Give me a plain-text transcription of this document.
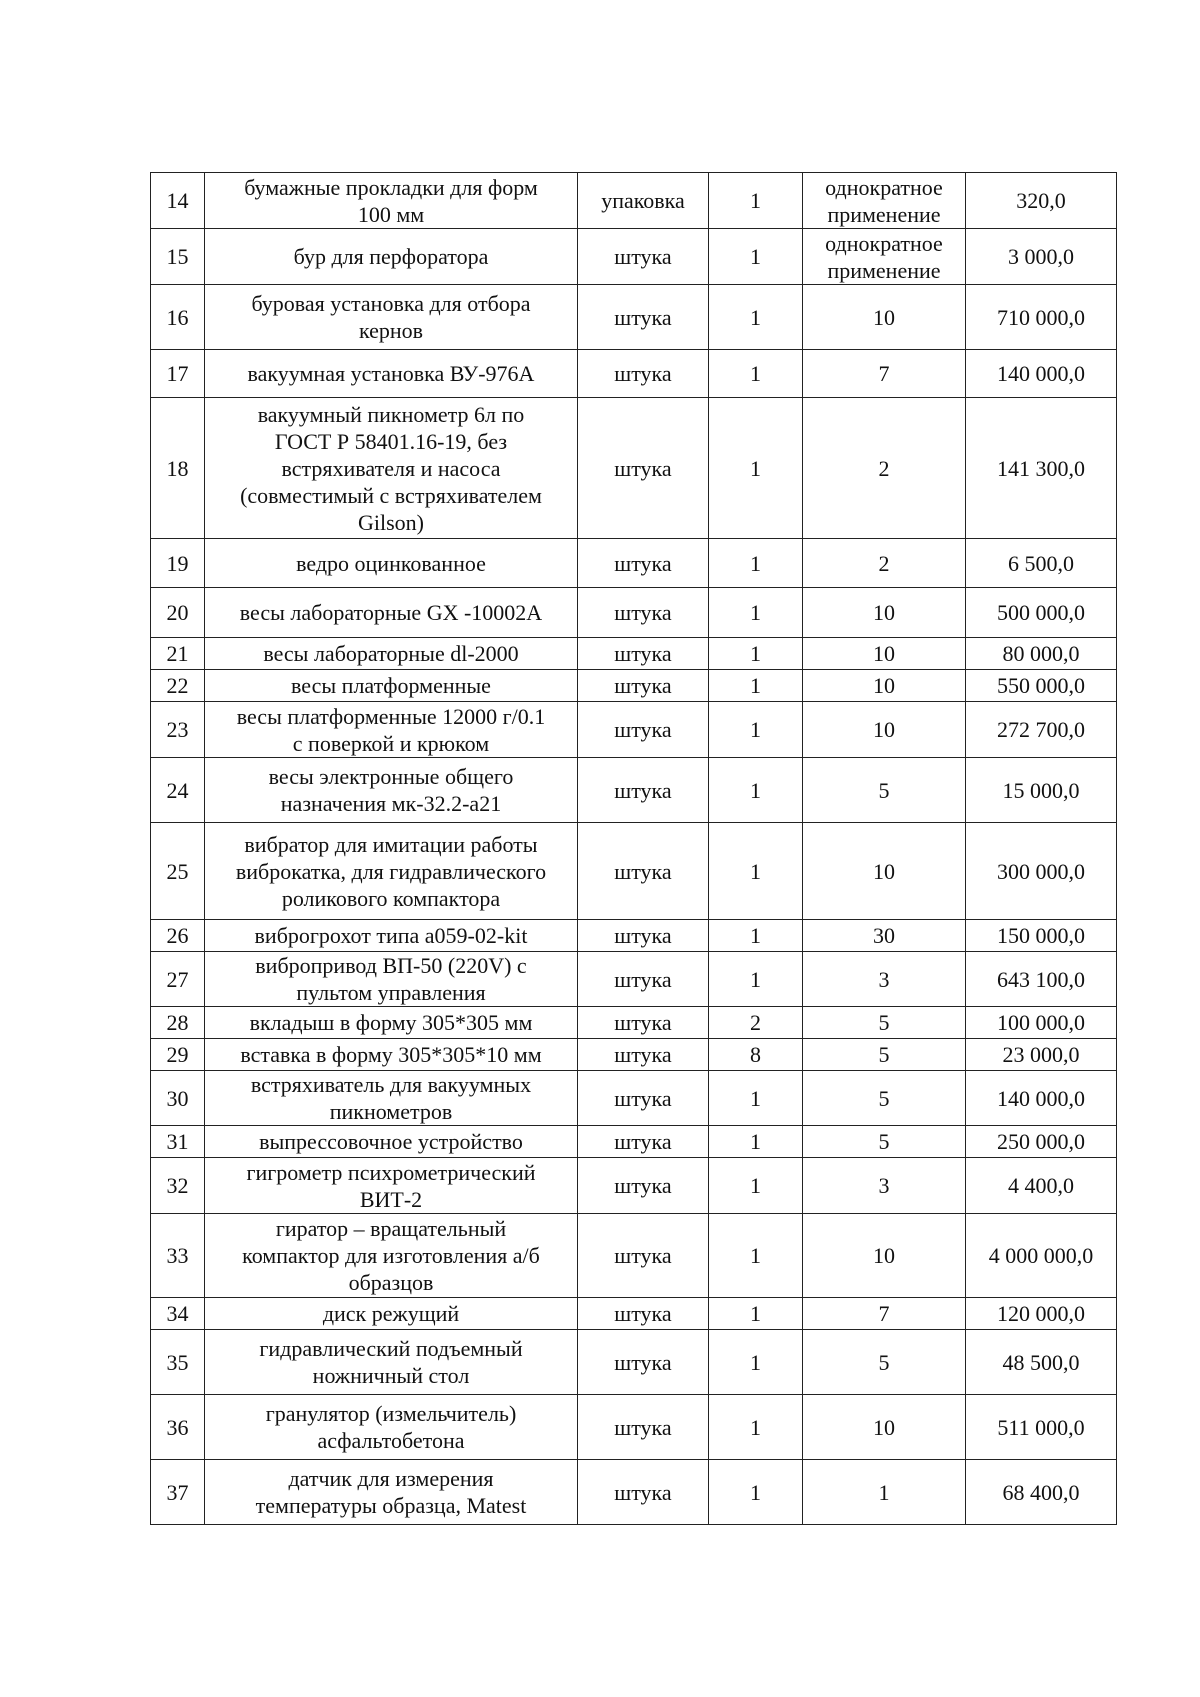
14	бумажные прокладки для форм
100 мм	упаковка	1	однократное
применение	320,0
15	бур для перфоратора	штука	1	однократное
применение	3 000,0
16	буровая установка для отбора
кернов	штука	1	10	710 000,0
17	вакуумная установка ВУ-976А	штука	1	7	140 000,0
18	вакуумный пикнометр 6л по
ГОСТ Р 58401.16-19, без
встряхивателя и насоса
(совместимый с встряхивателем
Gilson)	штука	1	2	141 300,0
19	ведро оцинкованное	штука	1	2	6 500,0
20	весы лабораторные GX -10002A	штука	1	10	500 000,0
21	весы лабораторные dl-2000	штука	1	10	80 000,0
22	весы платформенные	штука	1	10	550 000,0
23	весы платформенные 12000 г/0.1
с поверкой и крюком	штука	1	10	272 700,0
24	весы электронные общего
назначения мк-32.2-а21	штука	1	5	15 000,0
25	вибратор для имитации работы
виброкатка, для гидравлического
роликового компактора	штука	1	10	300 000,0
26	виброгрохот типа а059-02-kit	штука	1	30	150 000,0
27	вибропривод ВП-50 (220V) с
пультом управления	штука	1	3	643 100,0
28	вкладыш в форму 305*305 мм	штука	2	5	100 000,0
29	вставка в форму 305*305*10 мм	штука	8	5	23 000,0
30	встряхиватель для вакуумных
пикнометров	штука	1	5	140 000,0
31	выпрессовочное устройство	штука	1	5	250 000,0
32	гигрометр психрометрический
ВИТ-2	штука	1	3	4 400,0
33	гиратор – вращательный
компактор для изготовления а/б
образцов	штука	1	10	4 000 000,0
34	диск режущий	штука	1	7	120 000,0
35	гидравлический подъемный
ножничный стол	штука	1	5	48 500,0
36	гранулятор (измельчитель)
асфальтобетона	штука	1	10	511 000,0
37	датчик для измерения
температуры образца, Matest	штука	1	1	68 400,0
